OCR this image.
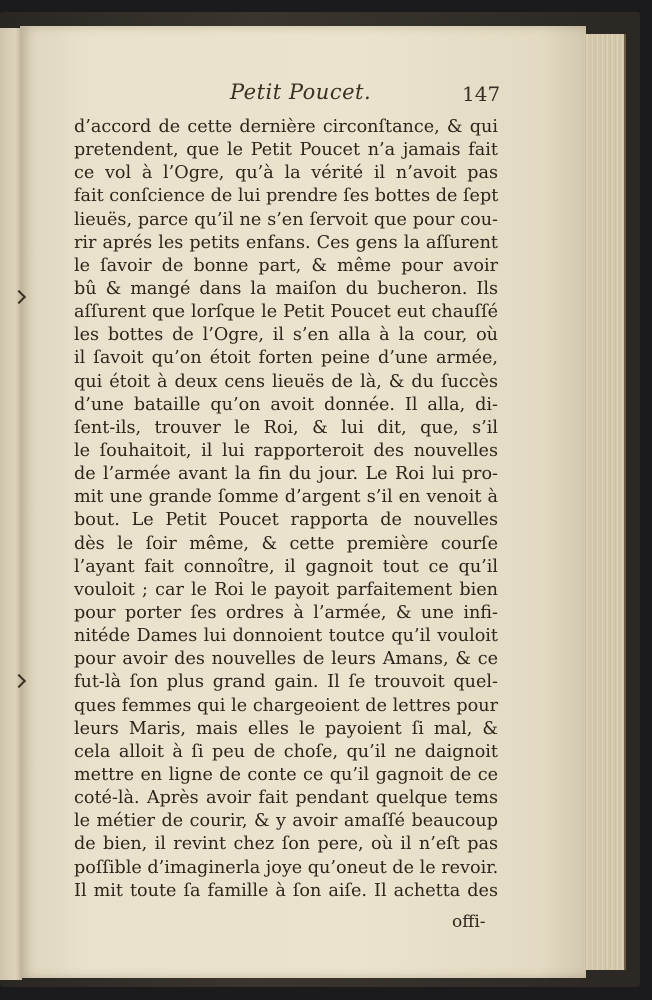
Petit Poucet.	147
d’accord de cette dernière circonſtance, & qui
pretendent, que le Petit Poucet n’a jamais fait
ce vol à l’Ogre, qu’à la vérité il n’avoit pas
fait conſcience de lui prendre ſes bottes de ſept
lieuës, parce qu’il ne s’en ſervoit que pour cou-
rir aprés les petits enfans. Ces gens la aſſurent
le ſavoir de bonne part, & même pour avoir
bû & mangé dans la maiſon du bucheron. Ils
aſſurent que lorſque le Petit Poucet eut chauſſé
les bottes de l’Ogre, il s’en alla à la cour, où
il ſavoit qu’on étoit forten peine d’une armée,
qui étoit à deux cens lieuës de là, & du ſuccès
d’une bataille qu’on avoit donnée. Il alla, di-
ſent-ils, trouver le Roi, & lui dit, que, s’il
le ſouhaitoit, il lui rapporteroit des nouvelles
de l’armée avant la fin du jour. Le Roi lui pro-
mit une grande ſomme d’argent s’il en venoit à
bout. Le Petit Poucet rapporta de nouvelles
dès le ſoir même, & cette première courſe
l’ayant fait connoître, il gagnoit tout ce qu’il
vouloit ; car le Roi le payoit parfaitement bien
pour porter ſes ordres à l’armée, & une infi-
nitéde Dames lui donnoient toutce qu’il vouloit
pour avoir des nouvelles de leurs Amans, & ce
fut-là ſon plus grand gain. Il ſe trouvoit quel-
ques femmes qui le chargeoient de lettres pour
leurs Maris, mais elles le payoient ſi mal, &
cela alloit à ſi peu de choſe, qu’il ne daignoit
mettre en ligne de conte ce qu’il gagnoit de ce
coté-là. Après avoir fait pendant quelque tems
le métier de courir, & y avoir amaſſé beaucoup
de bien, il revint chez ſon pere, où il n’eſt pas
poſſible d’imaginerla joye qu’oneut de le revoir.
Il mit toute ſa famille à ſon aiſe. Il achetta des
offi-
